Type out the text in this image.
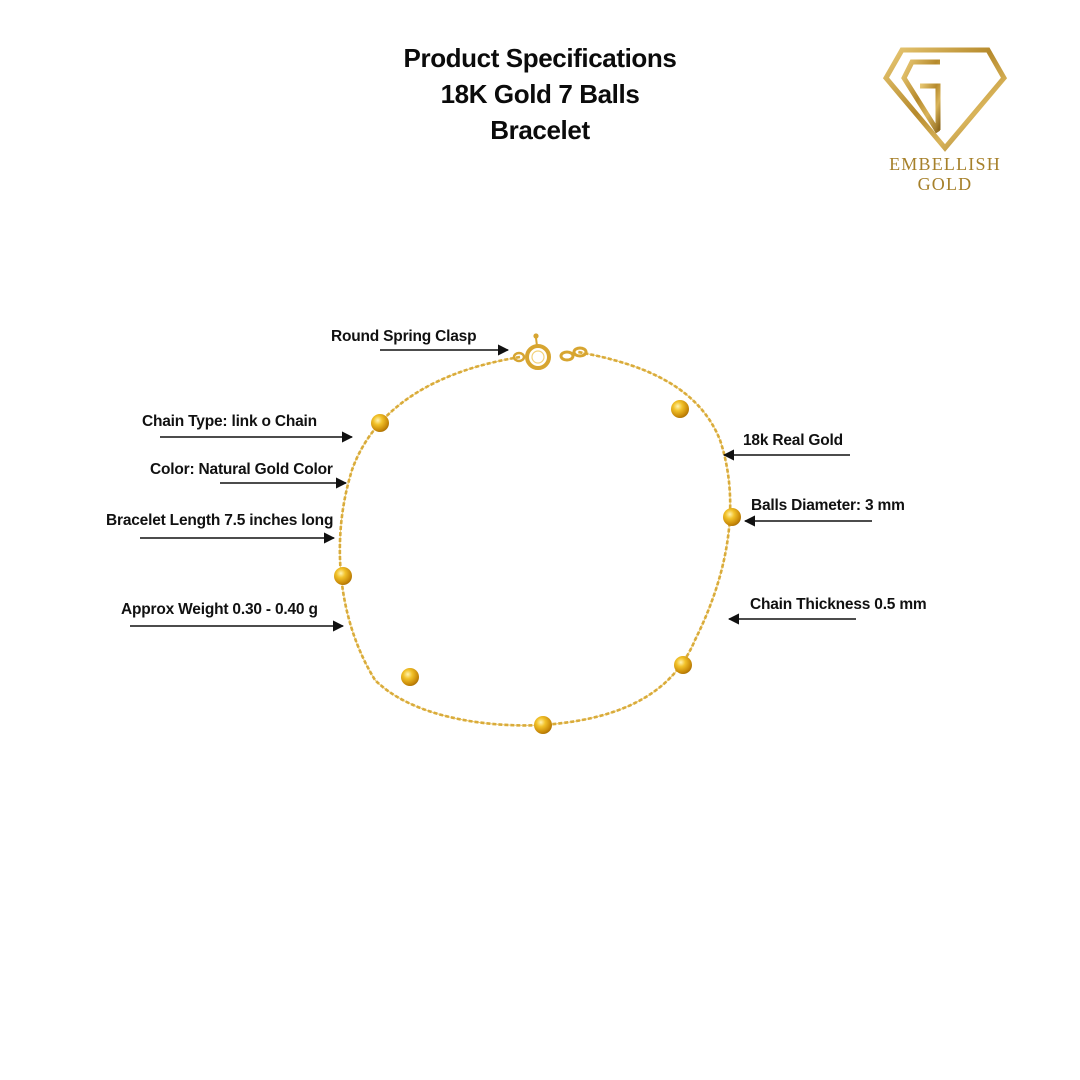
Product Specifications
18K Gold 7 Balls
Bracelet
EMBELLISH
GOLD
Round Spring Clasp
Chain Type: link o Chain
Color: Natural Gold Color
Bracelet Length 7.5 inches long
Approx Weight 0.30 - 0.40 g
18k Real Gold
Balls Diameter: 3 mm
Chain Thickness 0.5 mm
